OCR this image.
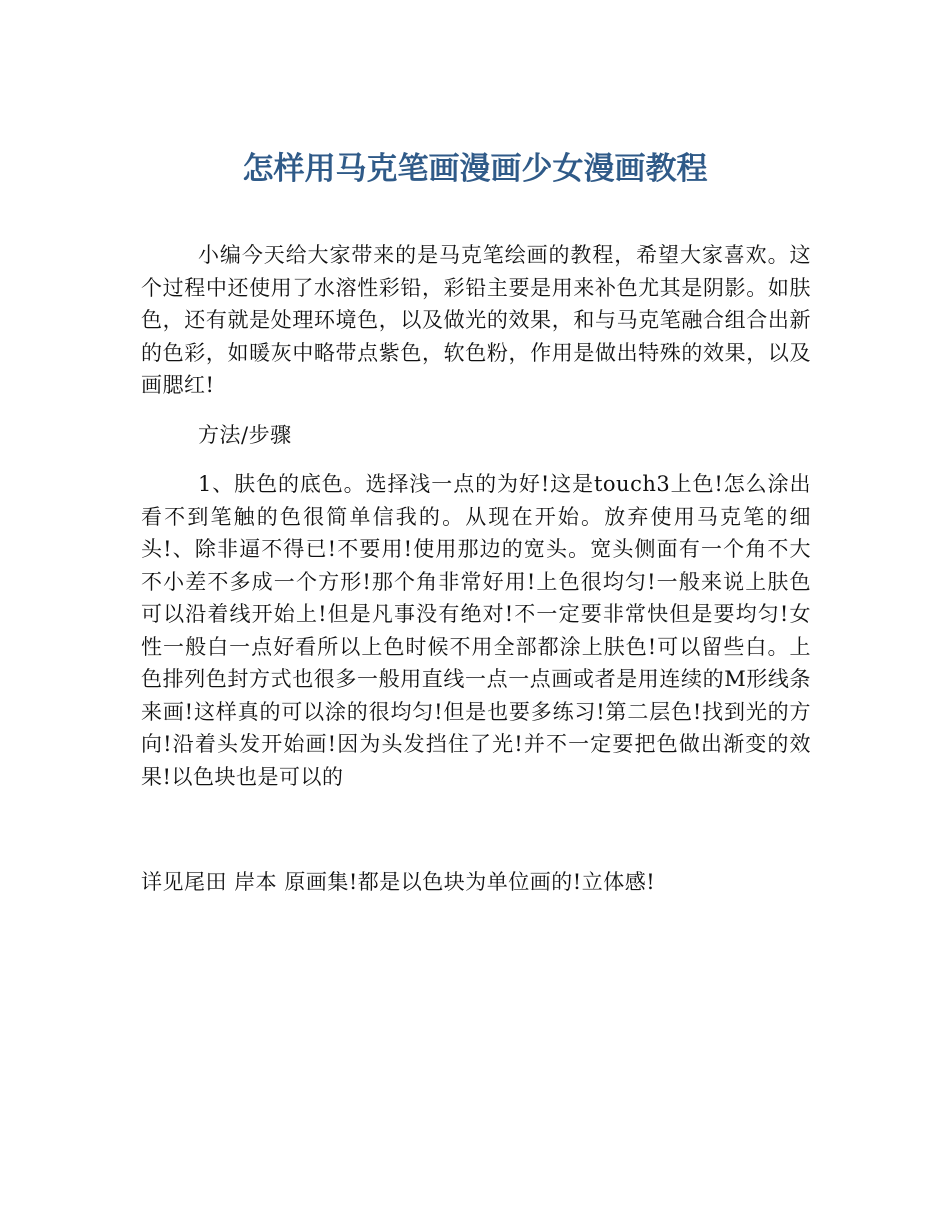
怎样用马克笔画漫画少女漫画教程

小编今天给大家带来的是马克笔绘画的教程，希望大家喜欢。这个过程中还使用了水溶性彩铅，彩铅主要是用来补色尤其是阴影。如肤色，还有就是处理环境色，以及做光的效果，和与马克笔融合组合出新的色彩，如暖灰中略带点紫色，软色粉，作用是做出特殊的效果，以及画腮红!

方法/步骤

1、肤色的底色。选择浅一点的为好!这是touch3上色!怎么涂出看不到笔触的色很简单信我的。从现在开始。放弃使用马克笔的细头!、除非逼不得已!不要用!使用那边的宽头。宽头侧面有一个角不大不小差不多成一个方形!那个角非常好用!上色很均匀!一般来说上肤色可以沿着线开始上!但是凡事没有绝对!不一定要非常快但是要均匀!女性一般白一点好看所以上色时候不用全部都涂上肤色!可以留些白。上色排列色封方式也很多一般用直线一点一点画或者是用连续的M形线条来画!这样真的可以涂的很均匀!但是也要多练习!第二层色!找到光的方向!沿着头发开始画!因为头发挡住了光!并不一定要把色做出渐变的效果!以色块也是可以的

详见尾田 岸本 原画集!都是以色块为单位画的!立体感!
